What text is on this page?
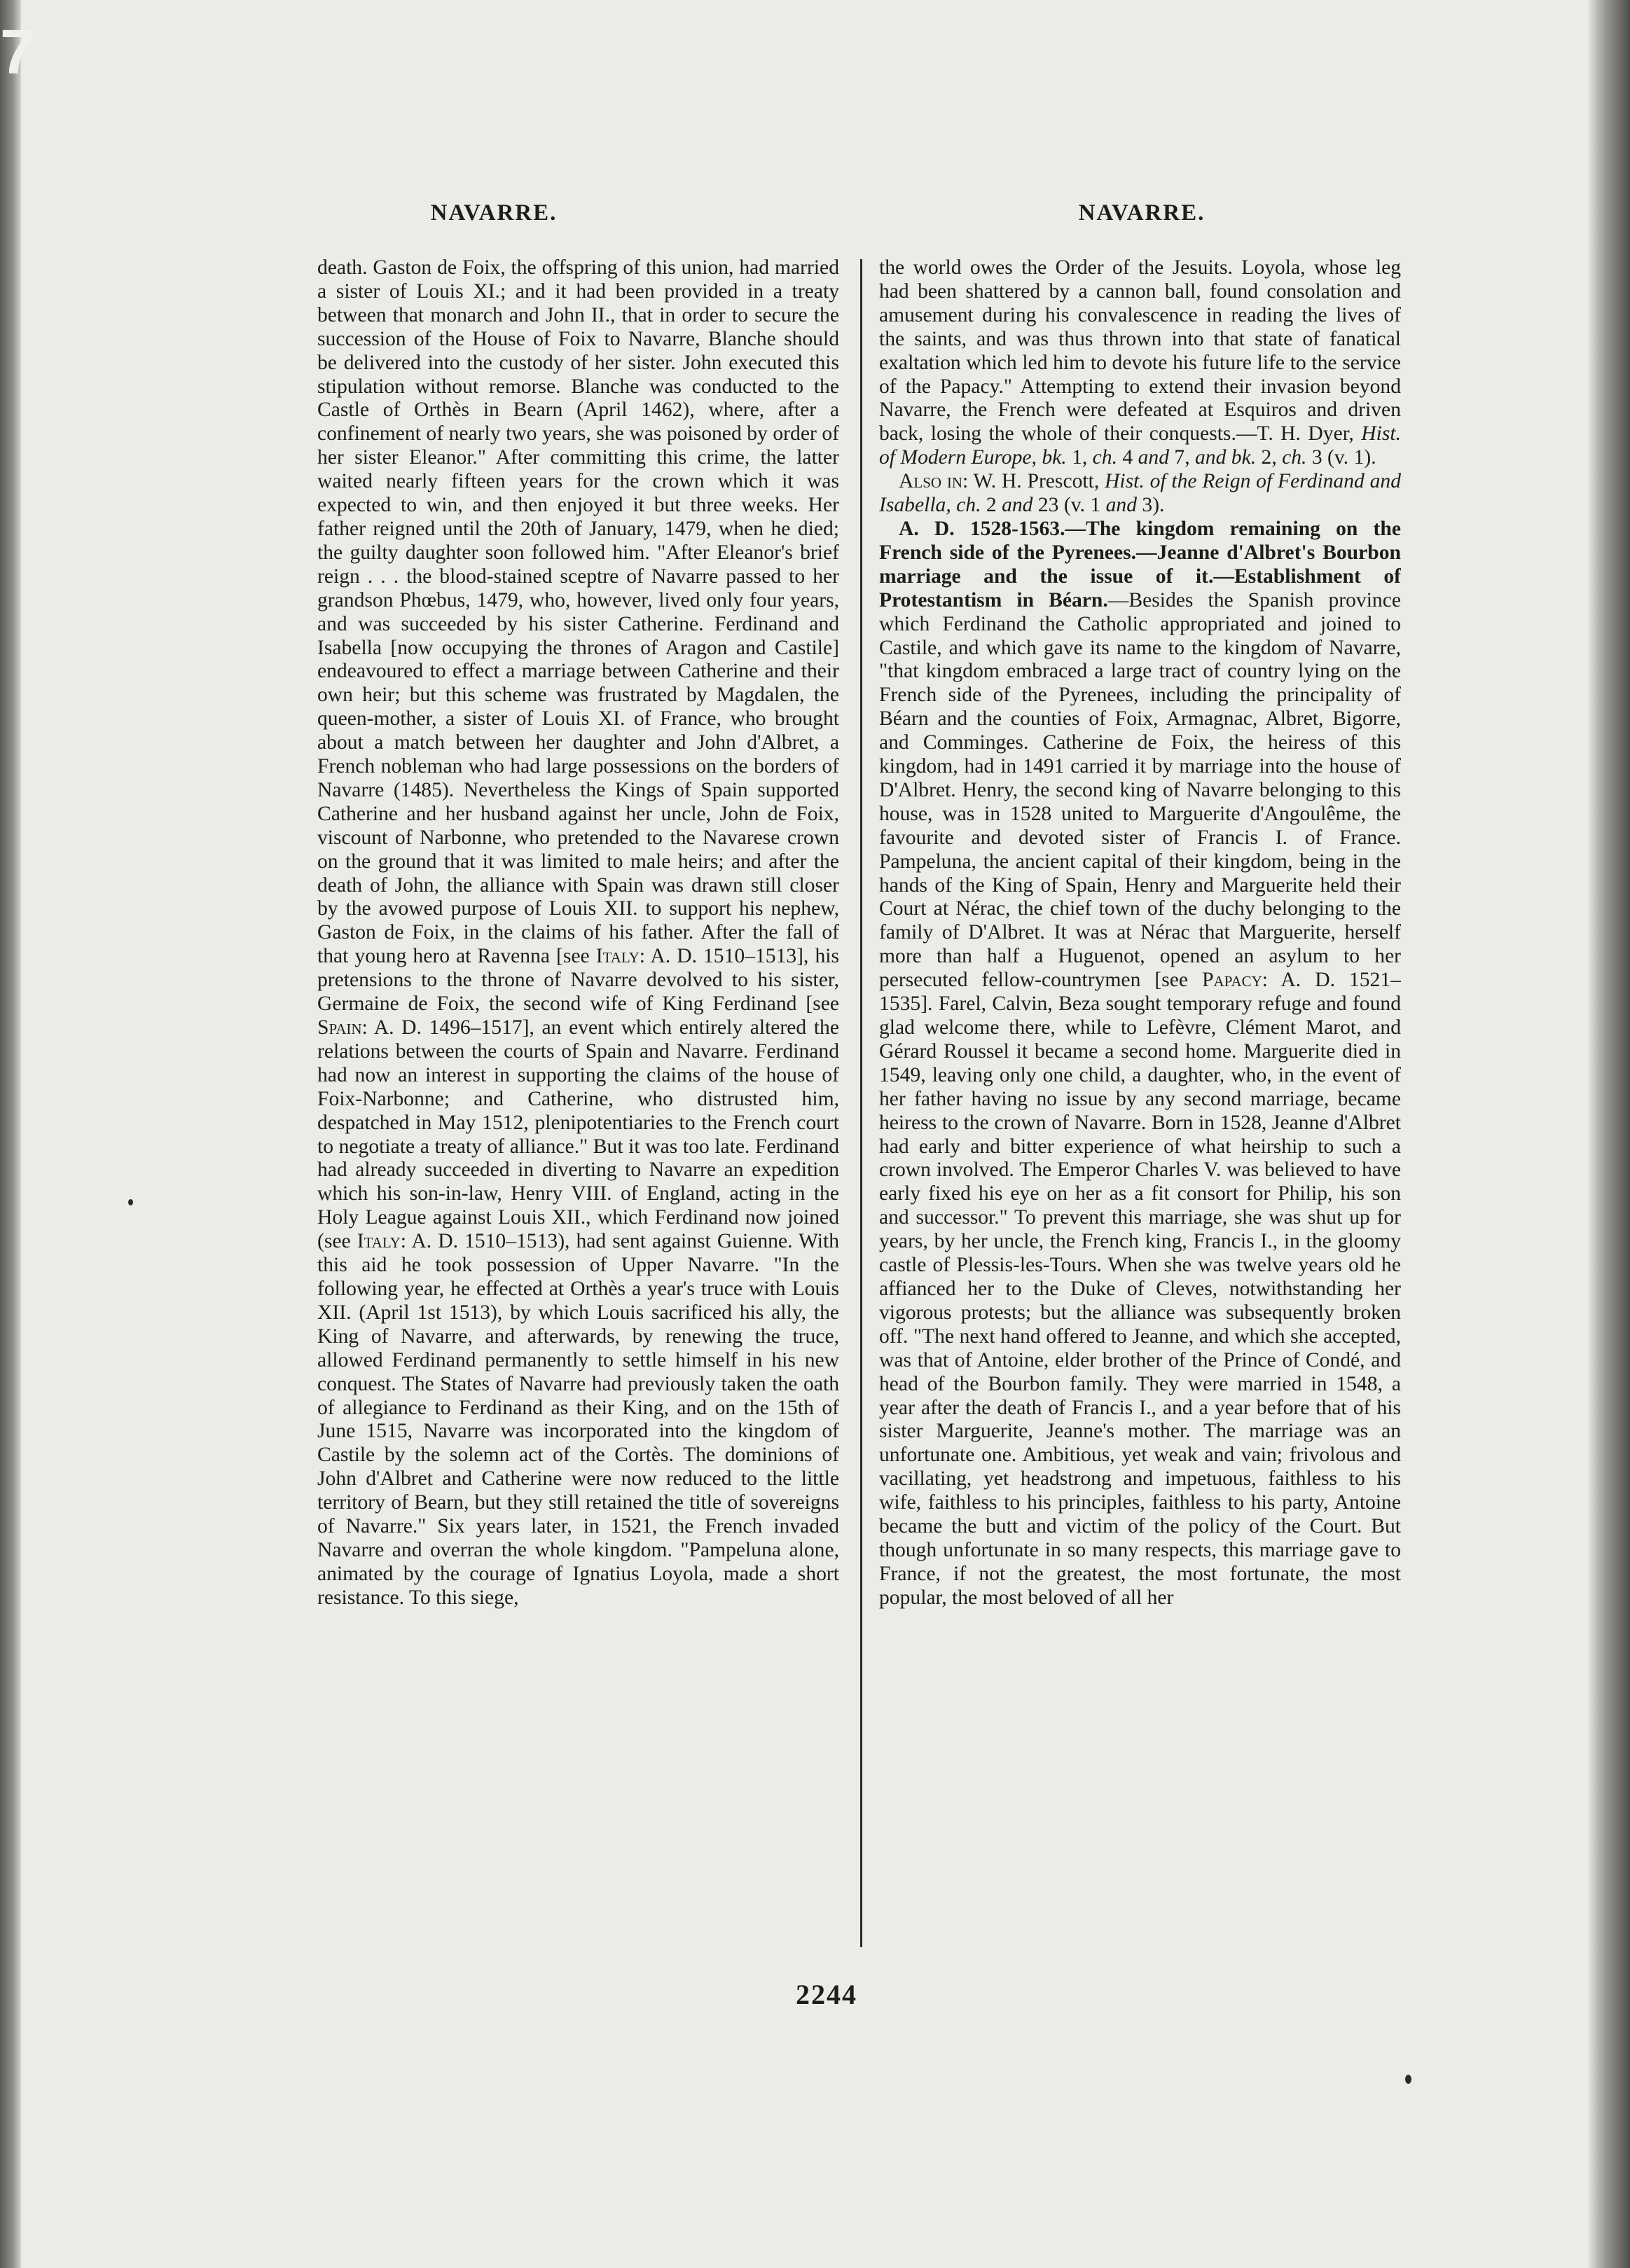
7
NAVARRE.	NAVARRE.

death. Gaston de Foix, the offspring of this union, had married a sister of Louis XI.; and it had been provided in a treaty between that monarch and John II., that in order to secure the succession of the House of Foix to Navarre, Blanche should be delivered into the custody of her sister. John executed this stipulation without remorse. Blanche was conducted to the Castle of Orthès in Bearn (April 1462), where, after a confinement of nearly two years, she was poisoned by order of her sister Eleanor." After committing this crime, the latter waited nearly fifteen years for the crown which it was expected to win, and then enjoyed it but three weeks. Her father reigned until the 20th of January, 1479, when he died; the guilty daughter soon followed him. "After Eleanor's brief reign . . . the blood-stained sceptre of Navarre passed to her grandson Phœbus, 1479, who, however, lived only four years, and was succeeded by his sister Catherine. Ferdinand and Isabella [now occupying the thrones of Aragon and Castile] endeavoured to effect a marriage between Catherine and their own heir; but this scheme was frustrated by Magdalen, the queen-mother, a sister of Louis XI. of France, who brought about a match between her daughter and John d'Albret, a French nobleman who had large possessions on the borders of Navarre (1485). Nevertheless the Kings of Spain supported Catherine and her husband against her uncle, John de Foix, viscount of Narbonne, who pretended to the Navarese crown on the ground that it was limited to male heirs; and after the death of John, the alliance with Spain was drawn still closer by the avowed purpose of Louis XII. to support his nephew, Gaston de Foix, in the claims of his father. After the fall of that young hero at Ravenna [see Italy: A. D. 1510–1513], his pretensions to the throne of Navarre devolved to his sister, Germaine de Foix, the second wife of King Ferdinand [see Spain: A. D. 1496–1517], an event which entirely altered the relations between the courts of Spain and Navarre. Ferdinand had now an interest in supporting the claims of the house of Foix-Narbonne; and Catherine, who distrusted him, despatched in May 1512, plenipotentiaries to the French court to negotiate a treaty of alliance." But it was too late. Ferdinand had already succeeded in diverting to Navarre an expedition which his son-in-law, Henry VIII. of England, acting in the Holy League against Louis XII., which Ferdinand now joined (see Italy: A. D. 1510–1513), had sent against Guienne. With this aid he took possession of Upper Navarre. "In the following year, he effected at Orthès a year's truce with Louis XII. (April 1st 1513), by which Louis sacrificed his ally, the King of Navarre, and afterwards, by renewing the truce, allowed Ferdinand permanently to settle himself in his new conquest. The States of Navarre had previously taken the oath of allegiance to Ferdinand as their King, and on the 15th of June 1515, Navarre was incorporated into the kingdom of Castile by the solemn act of the Cortès. The dominions of John d'Albret and Catherine were now reduced to the little territory of Bearn, but they still retained the title of sovereigns of Navarre." Six years later, in 1521, the French invaded Navarre and overran the whole kingdom. "Pampeluna alone, animated by the courage of Ignatius Loyola, made a short resistance. To this siege,

the world owes the Order of the Jesuits. Loyola, whose leg had been shattered by a cannon ball, found consolation and amusement during his convalescence in reading the lives of the saints, and was thus thrown into that state of fanatical exaltation which led him to devote his future life to the service of the Papacy." Attempting to extend their invasion beyond Navarre, the French were defeated at Esquiros and driven back, losing the whole of their conquests.—T. H. Dyer, Hist. of Modern Europe, bk. 1, ch. 4 and 7, and bk. 2, ch. 3 (v. 1).

Also in: W. H. Prescott, Hist. of the Reign of Ferdinand and Isabella, ch. 2 and 23 (v. 1 and 3).

A. D. 1528-1563.—The kingdom remaining on the French side of the Pyrenees.—Jeanne d'Albret's Bourbon marriage and the issue of it.—Establishment of Protestantism in Béarn.—Besides the Spanish province which Ferdinand the Catholic appropriated and joined to Castile, and which gave its name to the kingdom of Navarre, "that kingdom embraced a large tract of country lying on the French side of the Pyrenees, including the principality of Béarn and the counties of Foix, Armagnac, Albret, Bigorre, and Comminges. Catherine de Foix, the heiress of this kingdom, had in 1491 carried it by marriage into the house of D'Albret. Henry, the second king of Navarre belonging to this house, was in 1528 united to Marguerite d'Angoulême, the favourite and devoted sister of Francis I. of France. Pampeluna, the ancient capital of their kingdom, being in the hands of the King of Spain, Henry and Marguerite held their Court at Nérac, the chief town of the duchy belonging to the family of D'Albret. It was at Nérac that Marguerite, herself more than half a Huguenot, opened an asylum to her persecuted fellow-countrymen [see Papacy: A. D. 1521–1535]. Farel, Calvin, Beza sought temporary refuge and found glad welcome there, while to Lefèvre, Clément Marot, and Gérard Roussel it became a second home. Marguerite died in 1549, leaving only one child, a daughter, who, in the event of her father having no issue by any second marriage, became heiress to the crown of Navarre. Born in 1528, Jeanne d'Albret had early and bitter experience of what heirship to such a crown involved. The Emperor Charles V. was believed to have early fixed his eye on her as a fit consort for Philip, his son and successor." To prevent this marriage, she was shut up for years, by her uncle, the French king, Francis I., in the gloomy castle of Plessis-les-Tours. When she was twelve years old he affianced her to the Duke of Cleves, notwithstanding her vigorous protests; but the alliance was subsequently broken off. "The next hand offered to Jeanne, and which she accepted, was that of Antoine, elder brother of the Prince of Condé, and head of the Bourbon family. They were married in 1548, a year after the death of Francis I., and a year before that of his sister Marguerite, Jeanne's mother. The marriage was an unfortunate one. Ambitious, yet weak and vain; frivolous and vacillating, yet headstrong and impetuous, faithless to his wife, faithless to his principles, faithless to his party, Antoine became the butt and victim of the policy of the Court. But though unfortunate in so many respects, this marriage gave to France, if not the greatest, the most fortunate, the most popular, the most beloved of all her

2244
